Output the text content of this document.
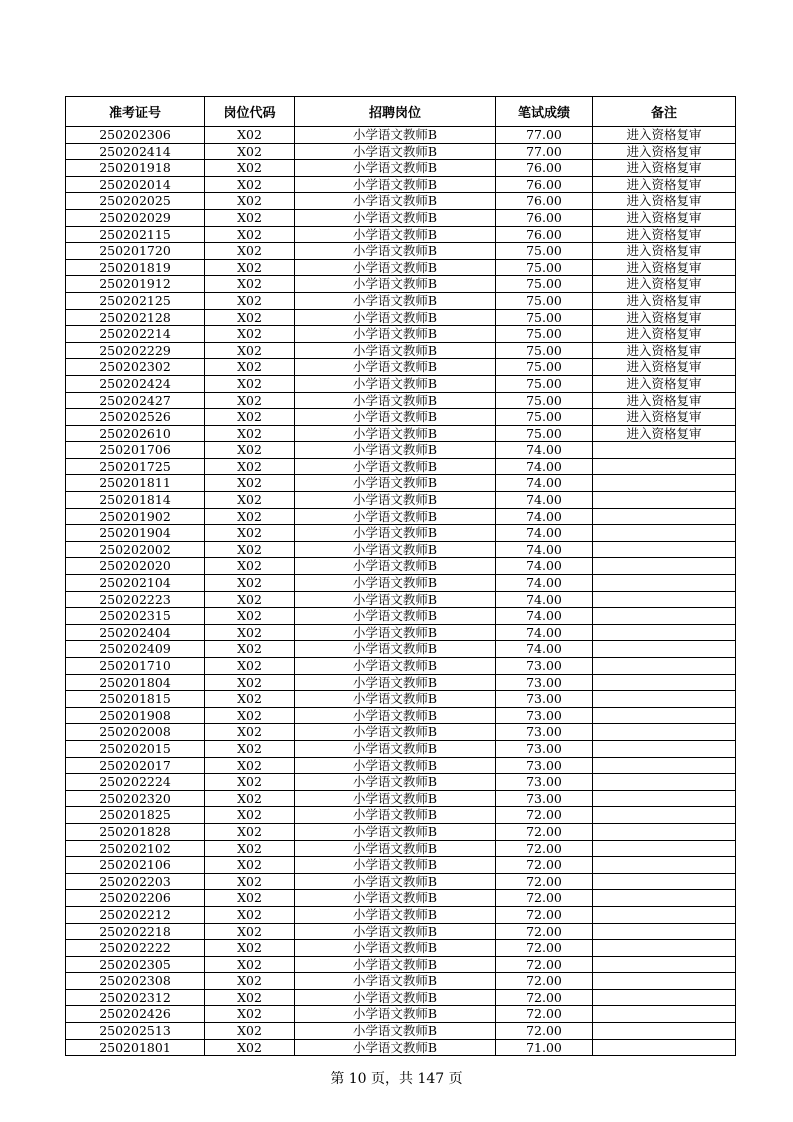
准考证号	岗位代码	招聘岗位	笔试成绩	备注
250202306	X02	小学语文教师B	77.00	进入资格复审
250202414	X02	小学语文教师B	77.00	进入资格复审
250201918	X02	小学语文教师B	76.00	进入资格复审
250202014	X02	小学语文教师B	76.00	进入资格复审
250202025	X02	小学语文教师B	76.00	进入资格复审
250202029	X02	小学语文教师B	76.00	进入资格复审
250202115	X02	小学语文教师B	76.00	进入资格复审
250201720	X02	小学语文教师B	75.00	进入资格复审
250201819	X02	小学语文教师B	75.00	进入资格复审
250201912	X02	小学语文教师B	75.00	进入资格复审
250202125	X02	小学语文教师B	75.00	进入资格复审
250202128	X02	小学语文教师B	75.00	进入资格复审
250202214	X02	小学语文教师B	75.00	进入资格复审
250202229	X02	小学语文教师B	75.00	进入资格复审
250202302	X02	小学语文教师B	75.00	进入资格复审
250202424	X02	小学语文教师B	75.00	进入资格复审
250202427	X02	小学语文教师B	75.00	进入资格复审
250202526	X02	小学语文教师B	75.00	进入资格复审
250202610	X02	小学语文教师B	75.00	进入资格复审
250201706	X02	小学语文教师B	74.00	
250201725	X02	小学语文教师B	74.00	
250201811	X02	小学语文教师B	74.00	
250201814	X02	小学语文教师B	74.00	
250201902	X02	小学语文教师B	74.00	
250201904	X02	小学语文教师B	74.00	
250202002	X02	小学语文教师B	74.00	
250202020	X02	小学语文教师B	74.00	
250202104	X02	小学语文教师B	74.00	
250202223	X02	小学语文教师B	74.00	
250202315	X02	小学语文教师B	74.00	
250202404	X02	小学语文教师B	74.00	
250202409	X02	小学语文教师B	74.00	
250201710	X02	小学语文教师B	73.00	
250201804	X02	小学语文教师B	73.00	
250201815	X02	小学语文教师B	73.00	
250201908	X02	小学语文教师B	73.00	
250202008	X02	小学语文教师B	73.00	
250202015	X02	小学语文教师B	73.00	
250202017	X02	小学语文教师B	73.00	
250202224	X02	小学语文教师B	73.00	
250202320	X02	小学语文教师B	73.00	
250201825	X02	小学语文教师B	72.00	
250201828	X02	小学语文教师B	72.00	
250202102	X02	小学语文教师B	72.00	
250202106	X02	小学语文教师B	72.00	
250202203	X02	小学语文教师B	72.00	
250202206	X02	小学语文教师B	72.00	
250202212	X02	小学语文教师B	72.00	
250202218	X02	小学语文教师B	72.00	
250202222	X02	小学语文教师B	72.00	
250202305	X02	小学语文教师B	72.00	
250202308	X02	小学语文教师B	72.00	
250202312	X02	小学语文教师B	72.00	
250202426	X02	小学语文教师B	72.00	
250202513	X02	小学语文教师B	72.00	
250201801	X02	小学语文教师B	71.00	
第 10 页，共 147 页
